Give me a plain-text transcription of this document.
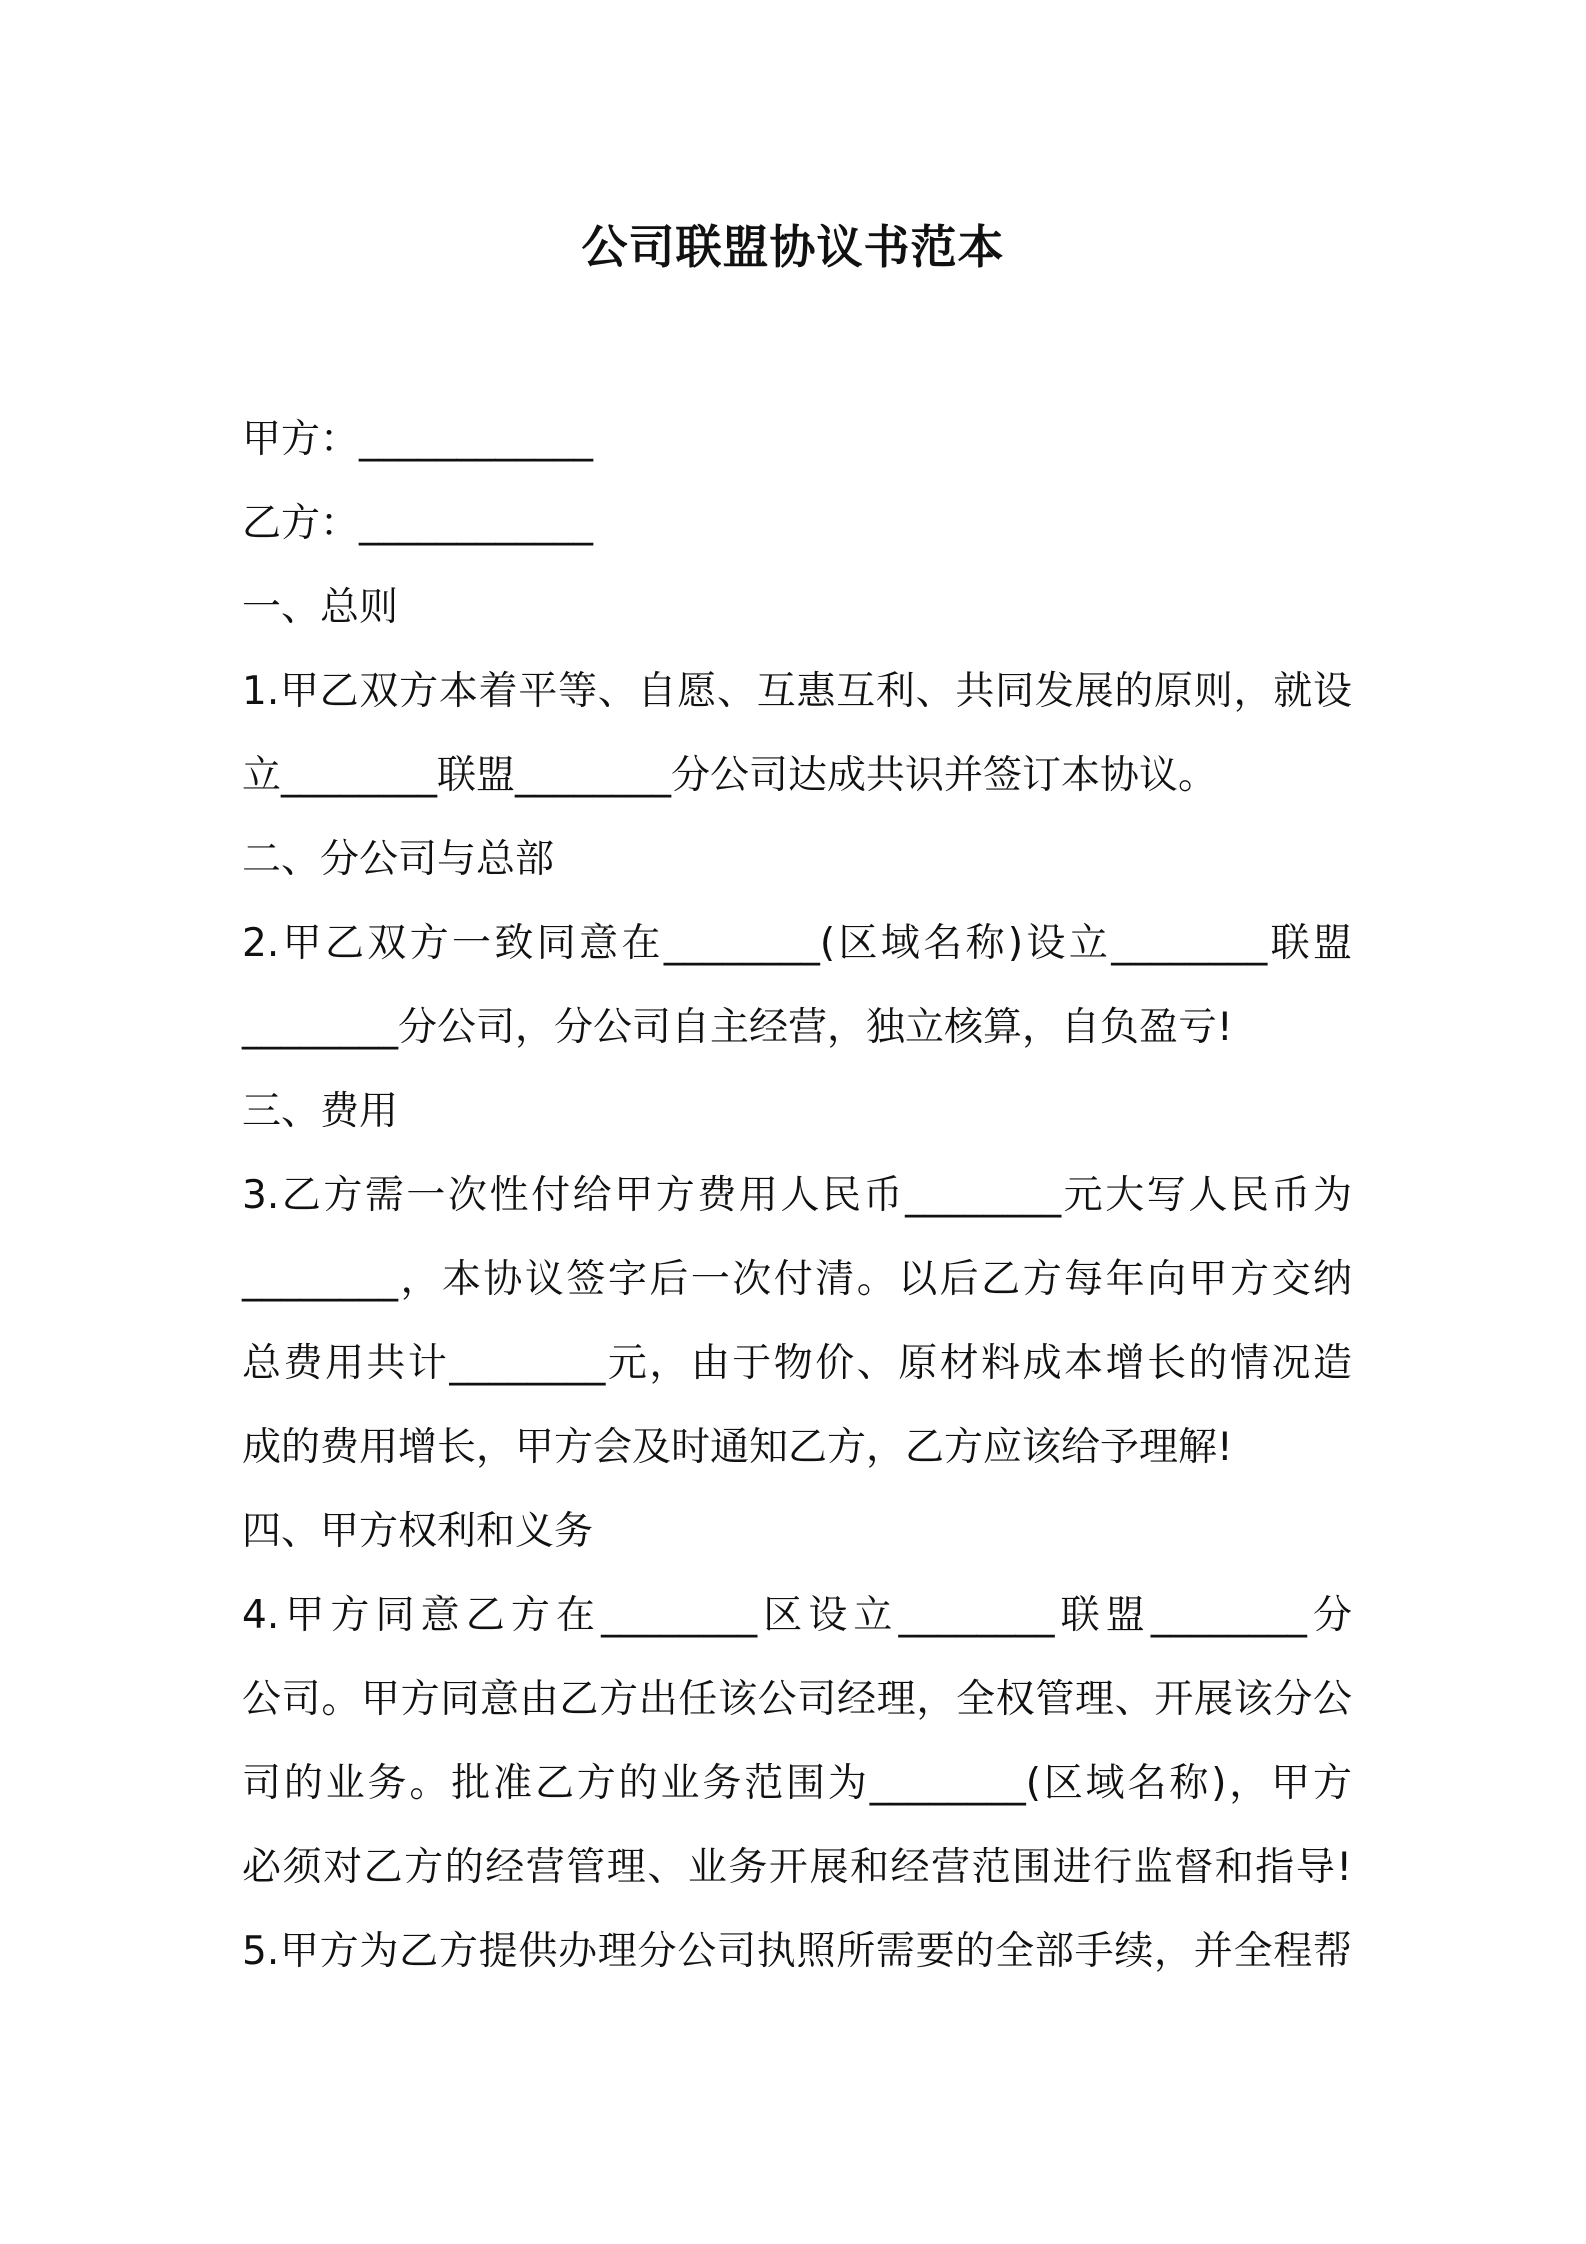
公司联盟协议书范本

甲方：____________

乙方：____________

一、总则

1.甲乙双方本着平等、自愿、互惠互利、共同发展的原则，就设

立________联盟________分公司达成共识并签订本协议。

二、分公司与总部

2.甲乙双方一致同意在________(区域名称)设立________联盟

________分公司，分公司自主经营，独立核算，自负盈亏!

三、费用

3.乙方需一次性付给甲方费用人民币________元大写人民币为

________，本协议签字后一次付清。以后乙方每年向甲方交纳

总费用共计________元，由于物价、原材料成本增长的情况造

成的费用增长，甲方会及时通知乙方，乙方应该给予理解!

四、甲方权利和义务

4.甲方同意乙方在________区设立________联盟________分

公司。甲方同意由乙方出任该公司经理，全权管理、开展该分公

司的业务。批准乙方的业务范围为________(区域名称)，甲方

必须对乙方的经营管理、业务开展和经营范围进行监督和指导!

5.甲方为乙方提供办理分公司执照所需要的全部手续，并全程帮
